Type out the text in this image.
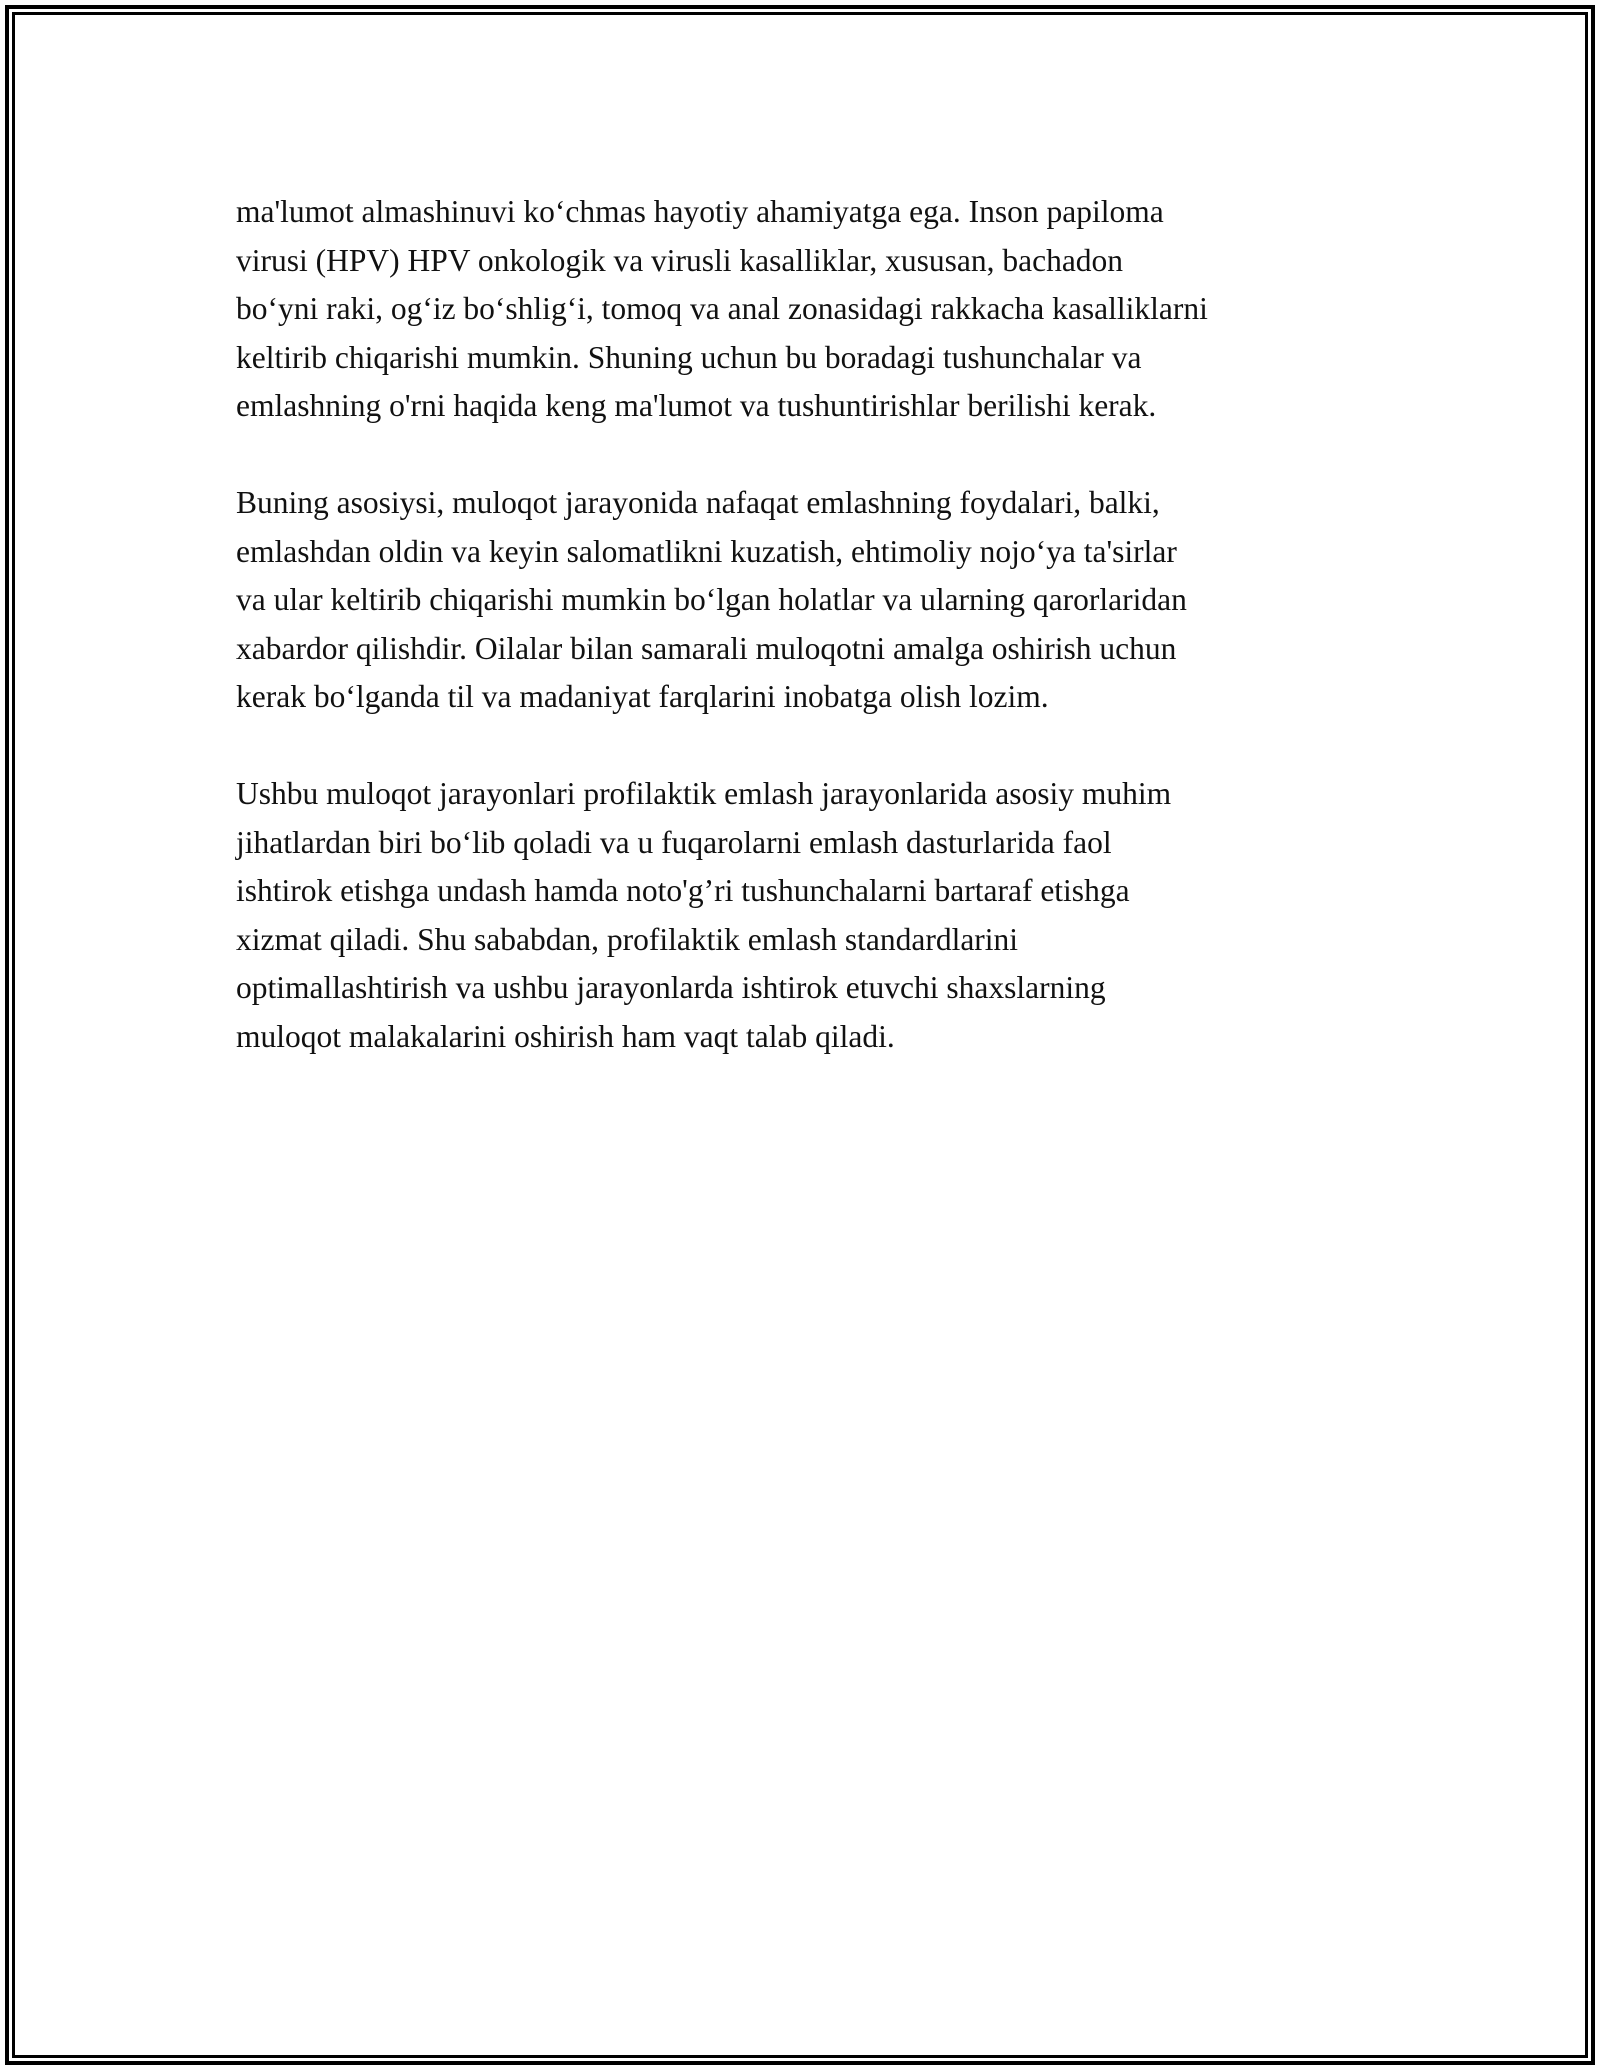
ma'lumot almashinuvi koʻchmas hayotiy ahamiyatga ega. Inson papiloma
virusi (HPV) HPV onkologik va virusli kasalliklar, xususan, bachadon
boʻyni raki, ogʻiz boʻshligʻi, tomoq va anal zonasidagi rakkacha kasalliklarni
keltirib chiqarishi mumkin. Shuning uchun bu boradagi tushunchalar va
emlashning o'rni haqida keng ma'lumot va tushuntirishlar berilishi kerak.

Buning asosiysi, muloqot jarayonida nafaqat emlashning foydalari, balki,
emlashdan oldin va keyin salomatlikni kuzatish, ehtimoliy nojoʻya ta'sirlar
va ular keltirib chiqarishi mumkin boʻlgan holatlar va ularning qarorlaridan
xabardor qilishdir. Oilalar bilan samarali muloqotni amalga oshirish uchun
kerak boʻlganda til va madaniyat farqlarini inobatga olish lozim.

Ushbu muloqot jarayonlari profilaktik emlash jarayonlarida asosiy muhim
jihatlardan biri boʻlib qoladi va u fuqarolarni emlash dasturlarida faol
ishtirok etishga undash hamda noto'g’ri tushunchalarni bartaraf etishga
xizmat qiladi. Shu sababdan, profilaktik emlash standardlarini
optimallashtirish va ushbu jarayonlarda ishtirok etuvchi shaxslarning
muloqot malakalarini oshirish ham vaqt talab qiladi.
